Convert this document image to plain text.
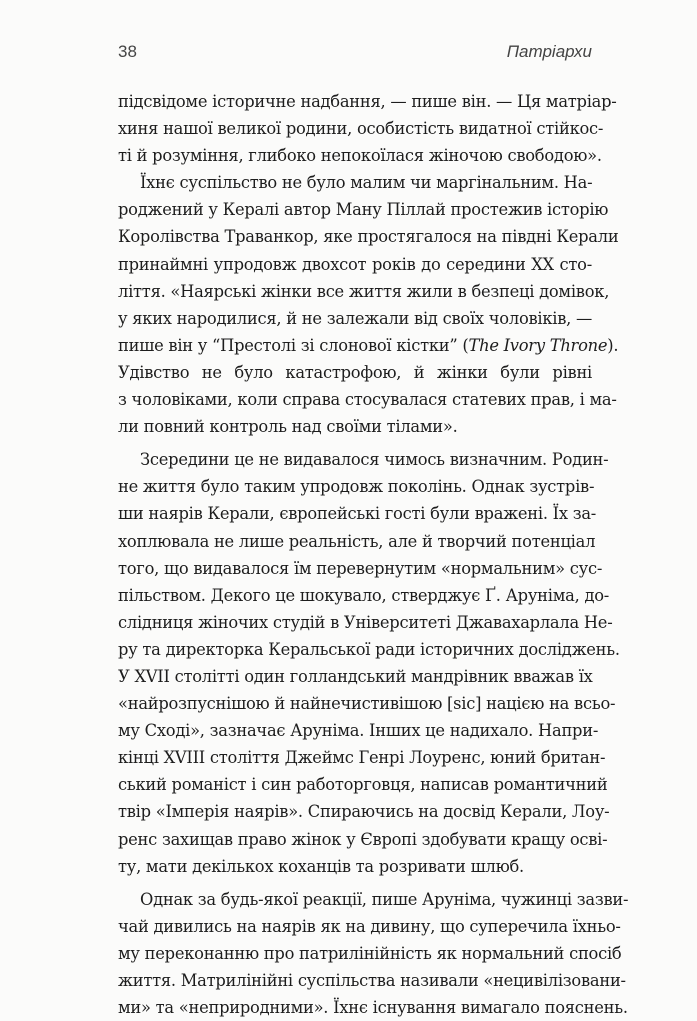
38	Патріархи
підсвідоме історичне надбання, — пише він. — Ця матріар-
хиня нашої великої родини, особистість видатної стійкос-
ті й розуміння, глибоко непокоїлася жіночою свободою».
Їхнє суспільство не було малим чи маргінальним. На-
роджений у Кералі автор Ману Піллай простежив історію
Королівства Траванкор, яке простягалося на півдні Керали
принаймні упродовж двохсот років до середини XX сто-
ліття. «Наярські жінки все життя жили в безпеці домівок,
у яких народилися, й не залежали від своїх чоловіків, —
пише він у “Престолі зі слонової кістки” (The Ivory Throne).
Удівство не було катастрофою, й жінки були рівні
з чоловіками, коли справа стосувалася статевих прав, і ма-
ли повний контроль над своїми тілами».
Зсередини це не видавалося чимось визначним. Родин-
не життя було таким упродовж поколінь. Однак зустрів-
ши наярів Керали, європейські гості були вражені. Їх за-
хоплювала не лише реальність, але й творчий потенціал
того, що видавалося їм перевернутим «нормальним» сус-
пільством. Декого це шокувало, стверджує Ґ. Аруніма, до-
слідниця жіночих студій в Університеті Джавахарлала Не-
ру та директорка Керальської ради історичних досліджень.
У XVII столітті один голландський мандрівник вважав їх
«найрозпуснішою й найнечистивішою [sic] нацією на всьо-
му Сході», зазначає Аруніма. Інших це надихало. Напри-
кінці XVIII століття Джеймс Генрі Лоуренс, юний британ-
ський романіст і син работорговця, написав романтичний
твір «Імперія наярів». Спираючись на досвід Керали, Лоу-
ренс захищав право жінок у Європі здобувати кращу осві-
ту, мати декількох коханців та розривати шлюб.
Однак за будь-якої реакції, пише Аруніма, чужинці зазви-
чай дивились на наярів як на дивину, що суперечила їхньо-
му переконанню про патрилінійність як нормальний спосіб
життя. Матрилінійні суспільства називали «нецивілізовани-
ми» та «неприродними». Їхнє існування вимагало пояснень.
